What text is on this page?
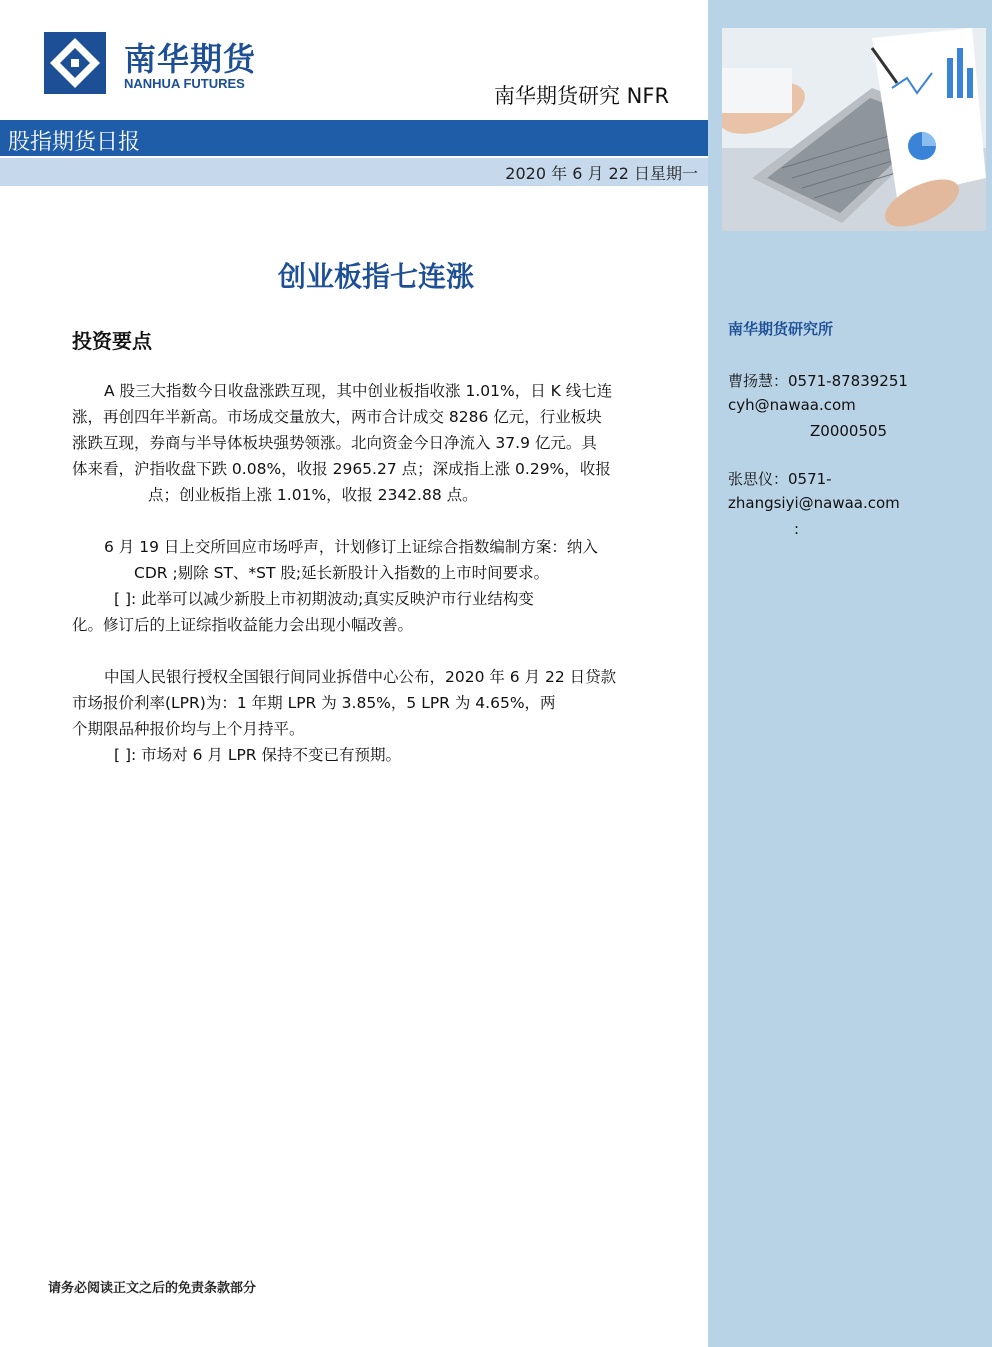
南华期货
NANHUA FUTURES
南华期货研究 NFR
股指期货日报
2020 年 6 月 22 日星期一
创业板指七连涨
投资要点
A 股三大指数今日收盘涨跌互现，其中创业板指收涨 1.01%，日 K 线七连
涨，再创四年半新高。市场成交量放大，两市合计成交 8286 亿元，行业板块
涨跌互现，券商与半导体板块强势领涨。北向资金今日净流入 37.9 亿元。具
体来看，沪指收盘下跌 0.08%，收报 2965.27 点；深成指上涨 0.29%，收报
点；创业板指上涨 1.01%，收报 2342.88 点。
6 月 19 日上交所回应市场呼声，计划修订上证综合指数编制方案：纳入
CDR ;剔除 ST、*ST 股;延长新股计入指数的上市时间要求。
[ ]: 此举可以减少新股上市初期波动;真实反映沪市行业结构变
化。修订后的上证综指收益能力会出现小幅改善。
中国人民银行授权全国银行间同业拆借中心公布，2020 年 6 月 22 日贷款
市场报价利率(LPR)为：1 年期 LPR 为 3.85%，5 LPR 为 4.65%，两
个期限品种报价均与上个月持平。
[ ]: 市场对 6 月 LPR 保持不变已有预期。
南华期货研究所
曹扬慧：0571-87839251
cyh@nawaa.com
Z0000505
张思仪：0571-
zhangsiyi@nawaa.com
:
请务必阅读正文之后的免责条款部分
